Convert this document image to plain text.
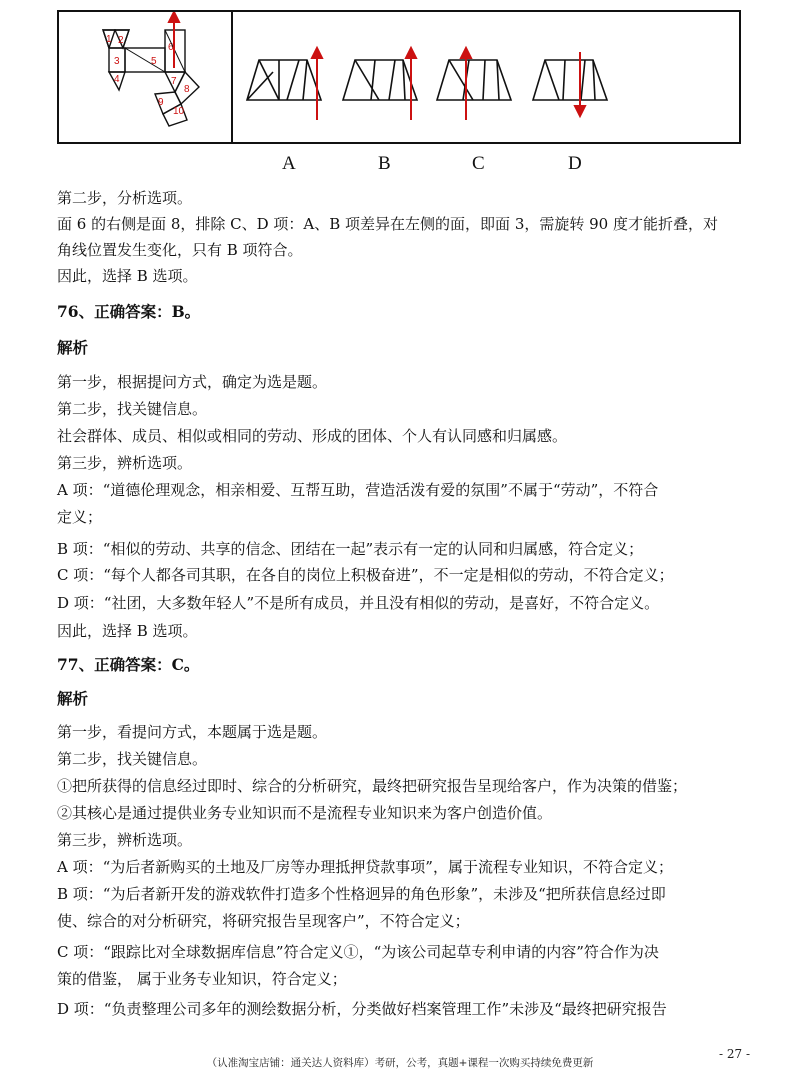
1 2
3
4
5
6
7
8
9
10
A	B	C	D
第二步，分析选项。
面 6 的右侧是面 8，排除 C、D 项：A、B 项差异在左侧的面，即面 3，需旋转 90 度才能折叠，对
角线位置发生变化，只有 B 项符合。
因此，选择 B 选项。
76、正确答案：B。
解析
第一步，根据提问方式，确定为选是题。
第二步，找关键信息。
社会群体、成员、相似或相同的劳动、形成的团体、个人有认同感和归属感。
第三步，辨析选项。
A 项：“道德伦理观念，相亲相爱、互帮互助，营造活泼有爱的氛围”不属于“劳动”，不符合
定义；
B 项：“相似的劳动、共享的信念、团结在一起”表示有一定的认同和归属感，符合定义；
C 项：“每个人都各司其职，在各自的岗位上积极奋进”，不一定是相似的劳动，不符合定义；
D 项：“社团，大多数年轻人”不是所有成员，并且没有相似的劳动，是喜好，不符合定义。
因此，选择 B 选项。
77、正确答案：C。
解析
第一步，看提问方式，本题属于选是题。
第二步，找关键信息。
①把所获得的信息经过即时、综合的分析研究，最终把研究报告呈现给客户，作为决策的借鉴；
②其核心是通过提供业务专业知识而不是流程专业知识来为客户创造价值。
第三步，辨析选项。
A 项：“为后者新购买的土地及厂房等办理抵押贷款事项”，属于流程专业知识，不符合定义；
B 项：“为后者新开发的游戏软件打造多个性格迥异的角色形象”，未涉及“把所获信息经过即
使、综合的对分析研究，将研究报告呈现客户”，不符合定义；
C 项：“跟踪比对全球数据库信息”符合定义①，“为该公司起草专利申请的内容”符合作为决
策的借鉴， 属于业务专业知识，符合定义；
D 项：“负责整理公司多年的测绘数据分析，分类做好档案管理工作”未涉及“最终把研究报告
- 27 -
（认准淘宝店铺：通关达人资料库）考研，公考，真题+课程一次购买持续免费更新
